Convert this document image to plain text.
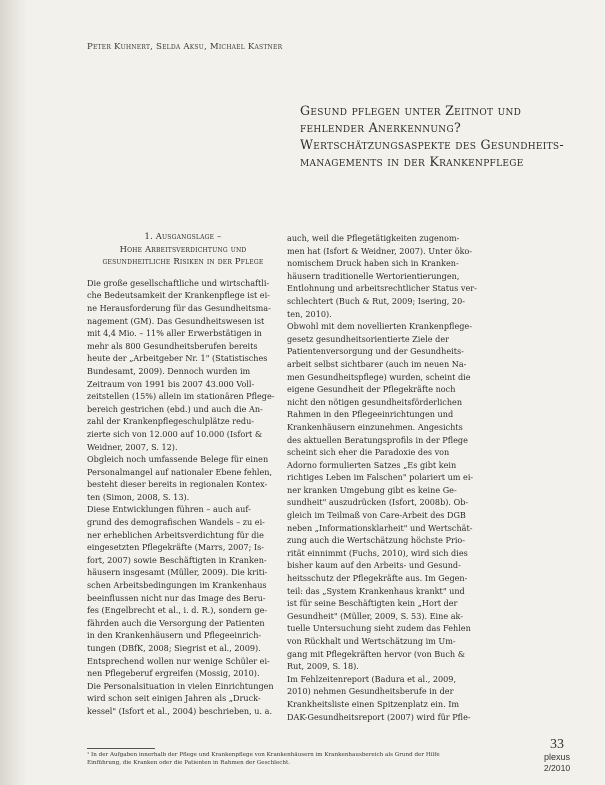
Peter Kuhnert, Selda Aksu, Michael Kastner
Gesund pflegen unter Zeitnot und
fehlender Anerkennung?
Wertschätzungsaspekte des Gesundheits-
managements in der Krankenpflege
1. Ausgangslage –
Hohe Arbeitsverdichtung und
gesundheitliche Risiken in der Pflege
Die große gesellschaftliche und wirtschaftli-
che Bedeutsamkeit der Krankenpflege ist ei-
ne Herausforderung für das Gesundheitsma-
nagement (GM). Das Gesundheitswesen ist
mit 4,4 Mio. – 11% aller Erwerbstätigen in
mehr als 800 Gesundheitsberufen bereits
heute der „Arbeitgeber Nr. 1" (Statistisches
Bundesamt, 2009). Dennoch wurden im
Zeitraum von 1991 bis 2007 43.000 Voll-
zeitstellen (15%) allein im stationären Pflege-
bereich gestrichen (ebd.) und auch die An-
zahl der Krankenpflegeschulplätze redu-
zierte sich von 12.000 auf 10.000 (Isfort &
Weidner, 2007, S. 12).
Obgleich noch umfassende Belege für einen
Personalmangel auf nationaler Ebene fehlen,
besteht dieser bereits in regionalen Kontex-
ten (Simon, 2008, S. 13).
Diese Entwicklungen führen – auch auf-
grund des demografischen Wandels – zu ei-
ner erheblichen Arbeitsverdichtung für die
eingesetzten Pflegekräfte (Marrs, 2007; Is-
fort, 2007) sowie Beschäftigten in Kranken-
häusern insgesamt (Müller, 2009). Die kriti-
schen Arbeitsbedingungen im Krankenhaus
beeinflussen nicht nur das Image des Beru-
fes (Engelbrecht et al., i. d. R.), sondern ge-
fährden auch die Versorgung der Patienten
in den Krankenhäusern und Pflegeeinrich-
tungen (DBfK, 2008; Siegrist et al., 2009).
Entsprechend wollen nur wenige Schüler ei-
nen Pflegeberuf ergreifen (Mossig, 2010).
Die Personalsituation in vielen Einrichtungen
wird schon seit einigen Jahren als „Druck-
kessel" (Isfort et al., 2004) beschrieben, u. a.
auch, weil die Pflegetätigkeiten zugenom-
men hat (Isfort & Weidner, 2007). Unter öko-
nomischem Druck haben sich in Kranken-
häusern traditionelle Wertorientierungen,
Entlohnung und arbeitsrechtlicher Status ver-
schlechtert (Buch & Rut, 2009; Isering, 20-
ten, 2010).
Obwohl mit dem novellierten Krankenpflege-
gesetz gesundheitsorientierte Ziele der
Patientenversorgung und der Gesundheits-
arbeit selbst sichtbarer (auch im neuen Na-
men Gesundheitspflege) wurden, scheint die
eigene Gesundheit der Pflegekräfte noch
nicht den nötigen gesundheitsförderlichen
Rahmen in den Pflegeeinrichtungen und
Krankenhäusern einzunehmen. Angesichts
des aktuellen Beratungsprofils in der Pflege
scheint sich eher die Paradoxie des von
Adorno formulierten Satzes „Es gibt kein
richtiges Leben im Falschen" polariert um ei-
ner kranken Umgebung gibt es keine Ge-
sundheit" auszudrücken (Isfort, 2008b). Ob-
gleich im Teilmaß von Care-Arbeit des DGB
neben „Informationsklarheit" und Wertschät-
zung auch die Wertschätzung höchste Prio-
rität einnimmt (Fuchs, 2010), wird sich dies
bisher kaum auf den Arbeits- und Gesund-
heitsschutz der Pflegekräfte aus. Im Gegen-
teil: das „System Krankenhaus krankt" und
ist für seine Beschäftigten kein „Hort der
Gesundheit" (Müller, 2009, S. 53). Eine ak-
tuelle Untersuchung sieht zudem das Fehlen
von Rückhalt und Wertschätzung im Um-
gang mit Pflegekräften hervor (von Buch &
Rut, 2009, S. 18).
Im Fehlzeitenreport (Badura et al., 2009,
2010) nehmen Gesundheitsberufe in der
Krankheitsliste einen Spitzenplatz ein. Im
DAK-Gesundheitsreport (2007) wird für Pfle-
¹ In der Aufgaben innerhalb der Pflege und Krankenpflege von Krankenhäusern im Krankenhausbereich als Grund der Hilfe
Einführung, die Kranken oder die Patienten in Rahmen der Geschlecht.
33
plexus
2/2010
